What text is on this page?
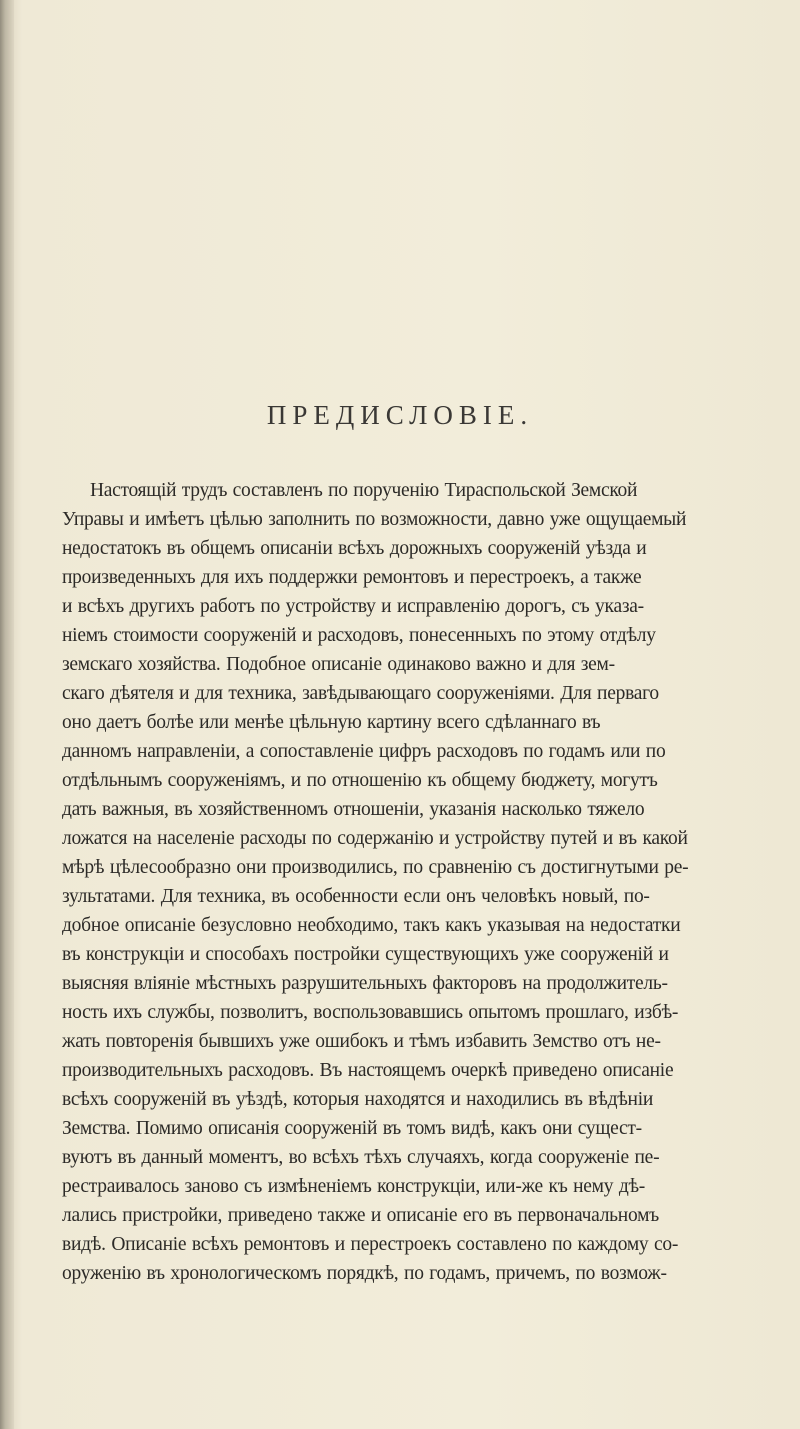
ПРЕДИСЛОВІЕ.
Настоящій трудъ составленъ по порученію Тираспольской Земской
Управы и имѣетъ цѣлью заполнить по возможности, давно уже ощущаемый
недостатокъ въ общемъ описаніи всѣхъ дорожныхъ сооруженій уѣзда и
произведенныхъ для ихъ поддержки ремонтовъ и перестроекъ, а также
и всѣхъ другихъ работъ по устройству и исправленію дорогъ, съ указа-
ніемъ стоимости сооруженій и расходовъ, понесенныхъ по этому отдѣлу
земскаго хозяйства. Подобное описаніе одинаково важно и для зем-
скаго дѣятеля и для техника, завѣдывающаго сооруженіями. Для перваго
оно даетъ болѣе или менѣе цѣльную картину всего сдѣланнаго въ
данномъ направленіи, а сопоставленіе цифръ расходовъ по годамъ или по
отдѣльнымъ сооруженіямъ, и по отношенію къ общему бюджету, могутъ
дать важныя, въ хозяйственномъ отношеніи, указанія насколько тяжело
ложатся на населеніе расходы по содержанію и устройству путей и въ какой
мѣрѣ цѣлесообразно они производились, по сравненію съ достигнутыми ре-
зультатами. Для техника, въ особенности если онъ человѣкъ новый, по-
добное описаніе безусловно необходимо, такъ какъ указывая на недостатки
въ конструкціи и способахъ постройки существующихъ уже сооруженій и
выясняя вліяніе мѣстныхъ разрушительныхъ факторовъ на продолжитель-
ность ихъ службы, позволитъ, воспользовавшись опытомъ прошлаго, избѣ-
жать повторенія бывшихъ уже ошибокъ и тѣмъ избавить Земство отъ не-
производительныхъ расходовъ. Въ настоящемъ очеркѣ приведено описаніе
всѣхъ сооруженій въ уѣздѣ, которыя находятся и находились въ вѣдѣніи
Земства. Помимо описанія сооруженій въ томъ видѣ, какъ они сущест-
вуютъ въ данный моментъ, во всѣхъ тѣхъ случаяхъ, когда сооруженіе пе-
рестраивалось заново съ измѣненіемъ конструкціи, или-же къ нему дѣ-
лались пристройки, приведено также и описаніе его въ первоначальномъ
видѣ. Описаніе всѣхъ ремонтовъ и перестроекъ составлено по каждому со-
оруженію въ хронологическомъ порядкѣ, по годамъ, причемъ, по возмож-
